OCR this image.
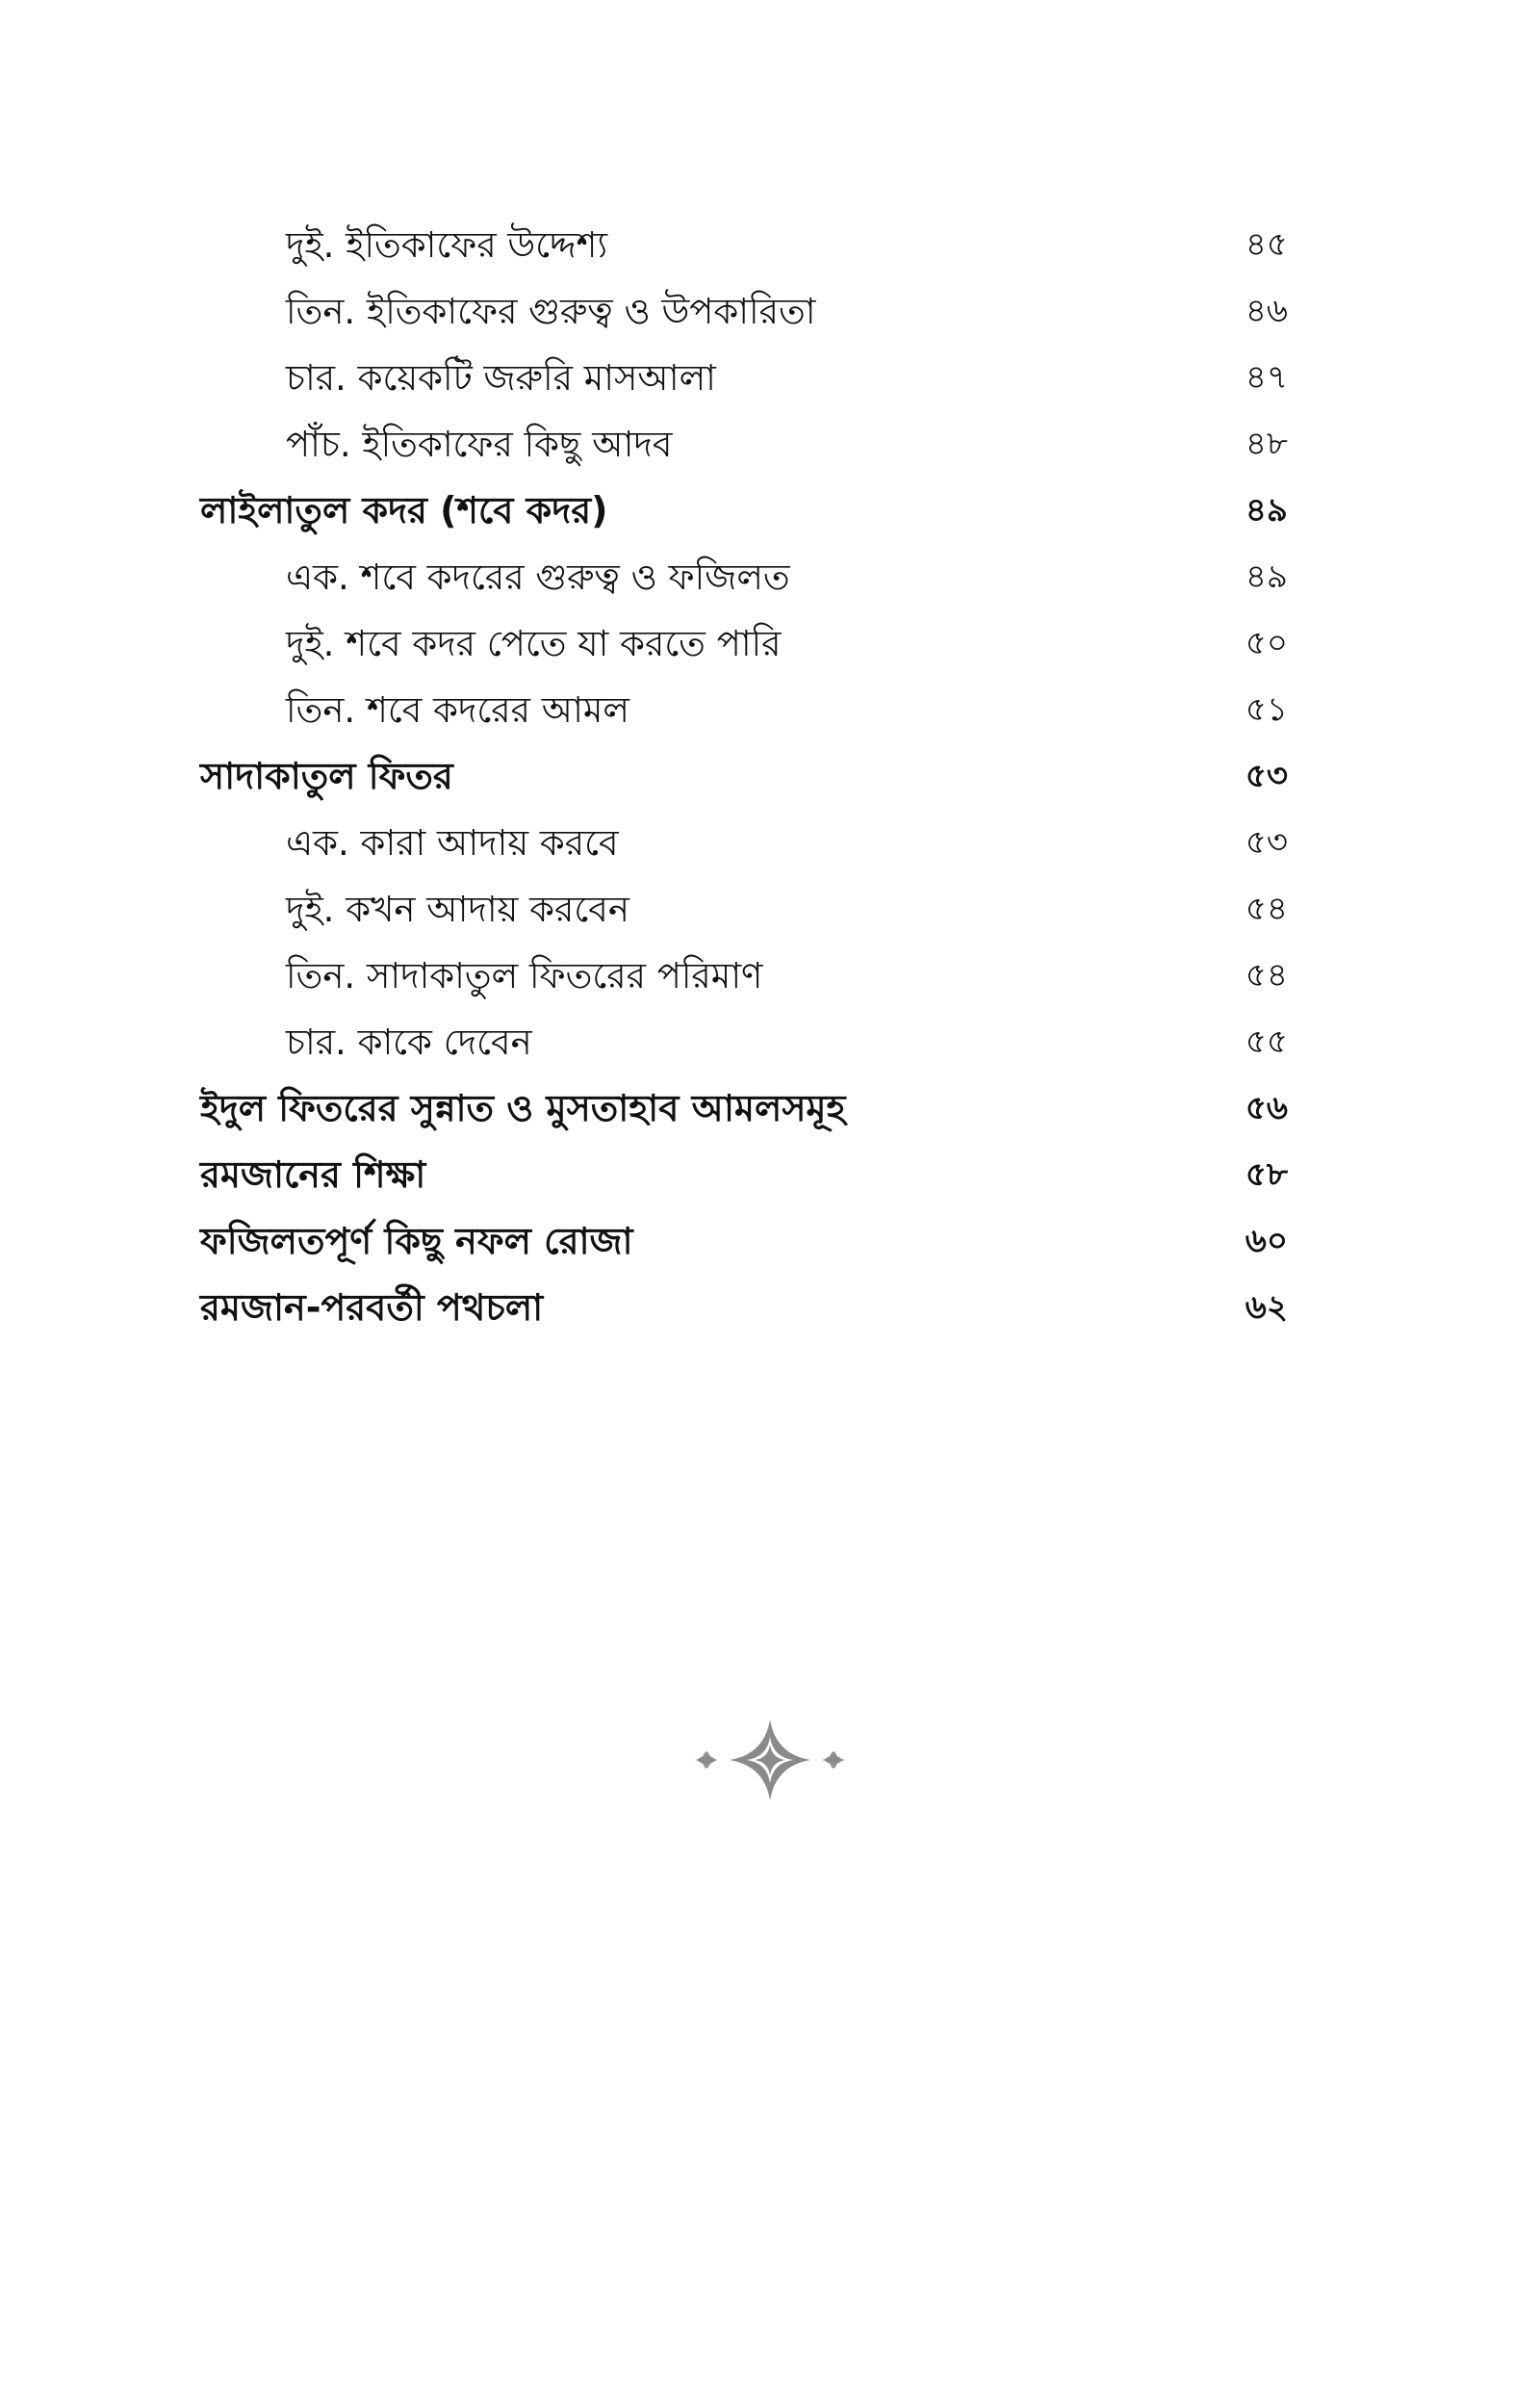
দুই. ইতিকাফের উদ্দেশ্য	৪৫
তিন. ইতিকাফের গুরুত্ব ও উপকারিতা	৪৬
চার. কয়েকটি জরুরি মাসআলা	৪৭
পাঁচ. ইতিকাফের কিছু আদব	৪৮
লাইলাতুল কদর (শবে কদর)	৪৯
এক. শবে কদরের গুরুত্ব ও ফজিলত	৪৯
দুই. শবে কদর পেতে যা করতে পারি	৫০
তিন. শবে কদরের আমল	৫১
সাদাকাতুল ফিতর	৫৩
এক. কারা আদায় করবে	৫৩
দুই. কখন আদায় করবেন	৫৪
তিন. সাদাকাতুল ফিতরের পরিমাণ	৫৪
চার. কাকে দেবেন	৫৫
ইদুল ফিতরের সুন্নাত ও মুসতাহাব আমলসমূহ	৫৬
রমজানের শিক্ষা	৫৮
ফজিলতপূর্ণ কিছু নফল রোজা	৬০
রমজান-পরবর্তী পথচলা	৬২
